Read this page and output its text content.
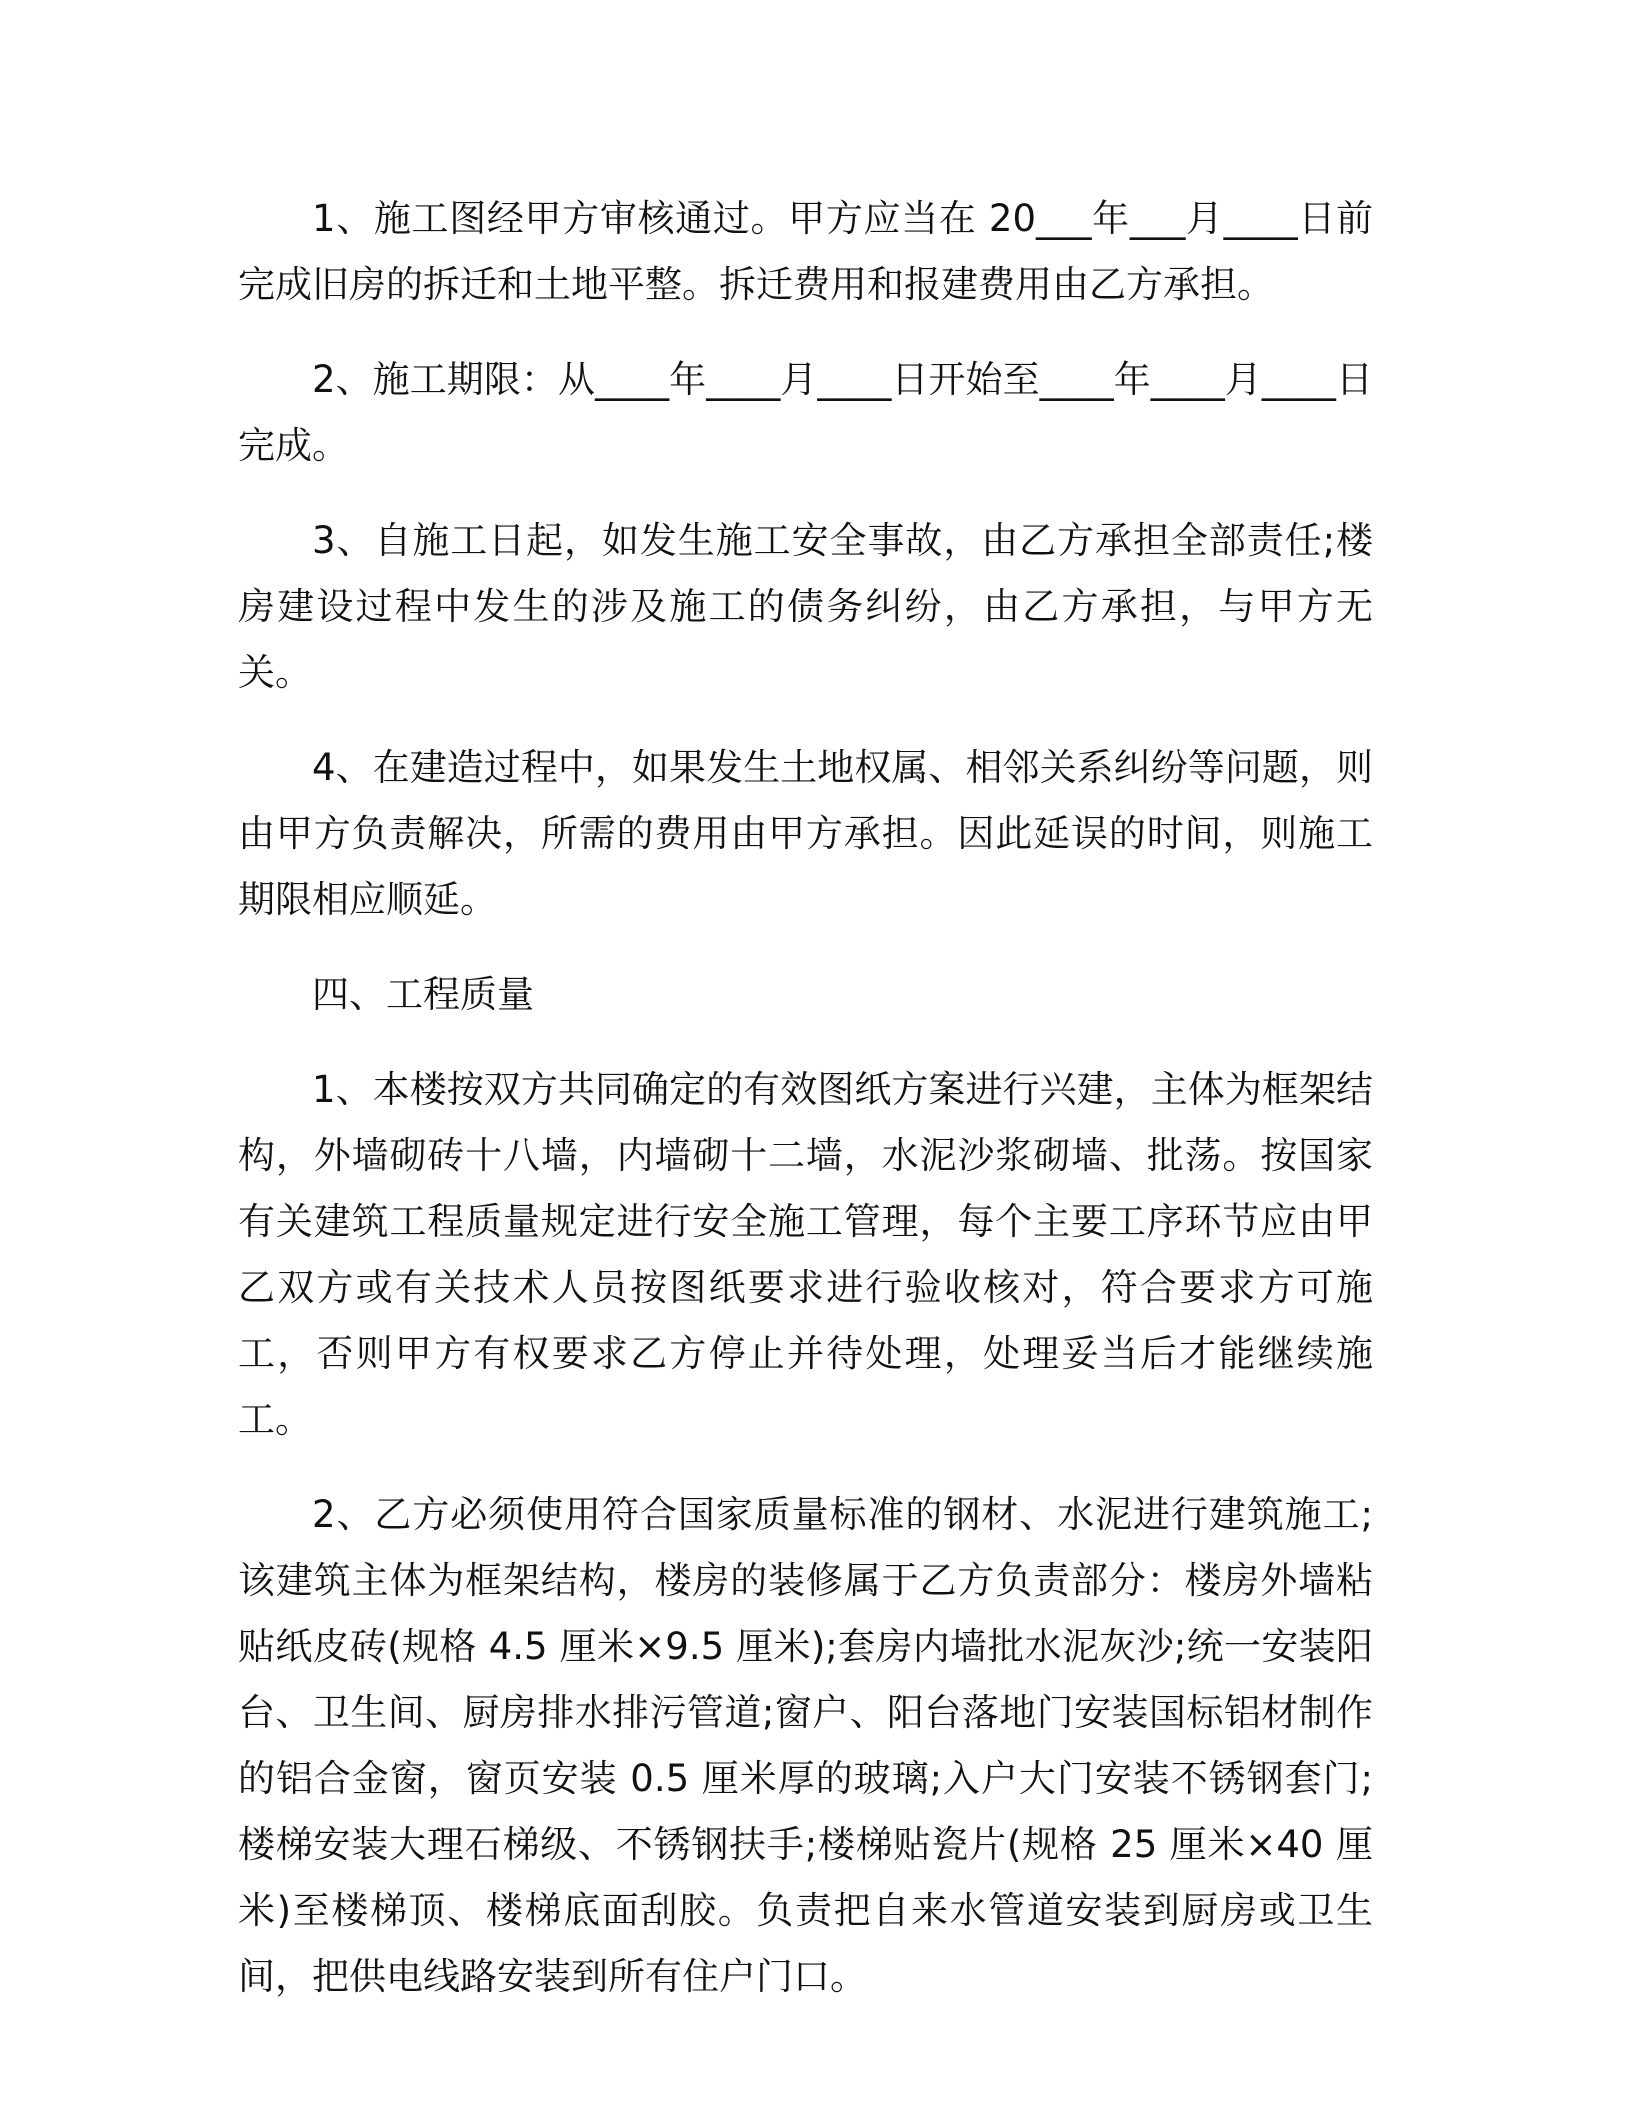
1、施工图经甲方审核通过。甲方应当在 20___年___月____日前完成旧房的拆迁和土地平整。拆迁费用和报建费用由乙方承担。

2、施工期限：从____年____月____日开始至____年____月____日完成。

3、自施工日起，如发生施工安全事故，由乙方承担全部责任;楼房建设过程中发生的涉及施工的债务纠纷，由乙方承担，与甲方无关。

4、在建造过程中，如果发生土地权属、相邻关系纠纷等问题，则由甲方负责解决，所需的费用由甲方承担。因此延误的时间，则施工期限相应顺延。

四、工程质量

1、本楼按双方共同确定的有效图纸方案进行兴建，主体为框架结构，外墙砌砖十八墙，内墙砌十二墙，水泥沙浆砌墙、批荡。按国家有关建筑工程质量规定进行安全施工管理，每个主要工序环节应由甲乙双方或有关技术人员按图纸要求进行验收核对，符合要求方可施工，否则甲方有权要求乙方停止并待处理，处理妥当后才能继续施工。

2、乙方必须使用符合国家质量标准的钢材、水泥进行建筑施工;该建筑主体为框架结构，楼房的装修属于乙方负责部分：楼房外墙粘贴纸皮砖(规格 4.5 厘米×9.5 厘米);套房内墙批水泥灰沙;统一安装阳台、卫生间、厨房排水排污管道;窗户、阳台落地门安装国标铝材制作的铝合金窗，窗页安装 0.5 厘米厚的玻璃;入户大门安装不锈钢套门;楼梯安装大理石梯级、不锈钢扶手;楼梯贴瓷片(规格 25 厘米×40 厘米)至楼梯顶、楼梯底面刮胶。负责把自来水管道安装到厨房或卫生间，把供电线路安装到所有住户门口。
